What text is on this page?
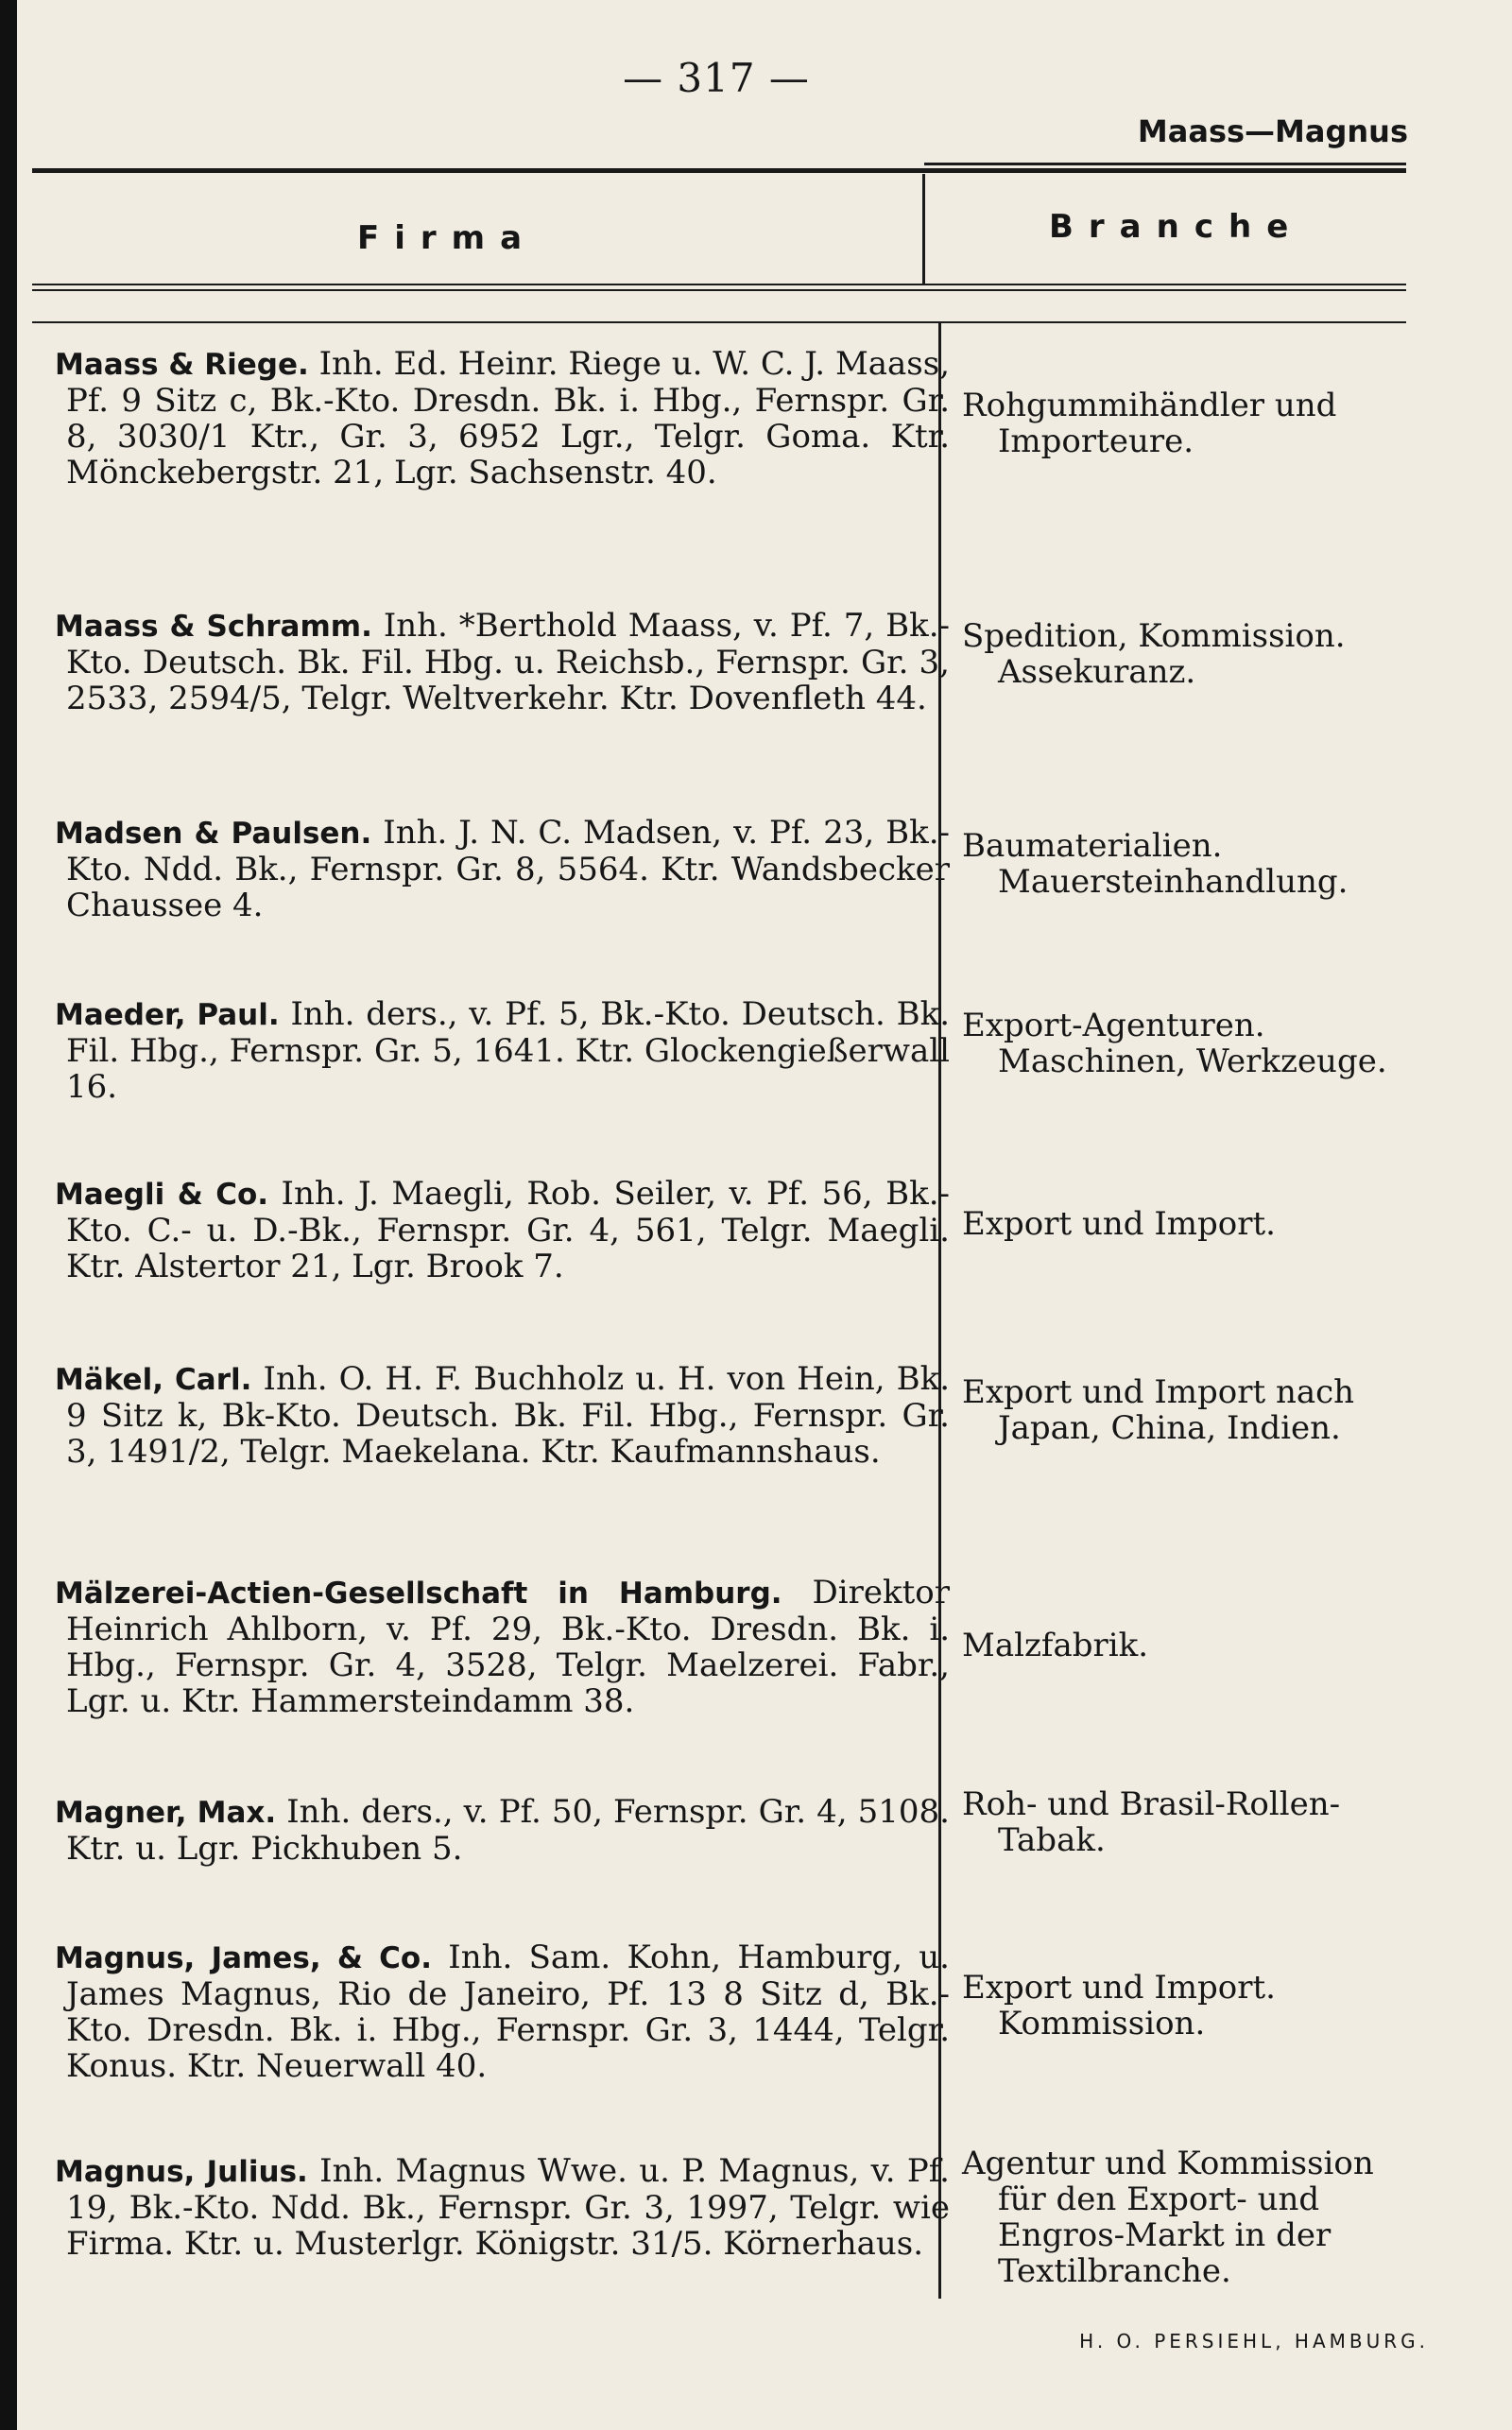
— 317 —
Maass—Magnus
Firma	Branche
Maass & Riege. Inh. Ed. Heinr. Riege u. W. C. J. Maass, Pf. 9 Sitz c, Bk.-Kto. Dresdn. Bk. i. Hbg., Fernspr. Gr. 8, 3030/1 Ktr., Gr. 3, 6952 Lgr., Telgr. Goma. Ktr. Mönckebergstr. 21, Lgr. Sachsenstr. 40.
Rohgummihändler und
Importeure.
Maass & Schramm. Inh. *Berthold Maass, v. Pf. 7, Bk.-Kto. Deutsch. Bk. Fil. Hbg. u. Reichsb., Fernspr. Gr. 3, 2533, 2594/5, Telgr. Weltverkehr. Ktr. Dovenfleth 44.
Spedition, Kommission.
Assekuranz.
Madsen & Paulsen. Inh. J. N. C. Madsen, v. Pf. 23, Bk.-Kto. Ndd. Bk., Fernspr. Gr. 8, 5564. Ktr. Wandsbecker Chaussee 4.
Baumaterialien.
Mauersteinhandlung.
Maeder, Paul. Inh. ders., v. Pf. 5, Bk.-Kto. Deutsch. Bk. Fil. Hbg., Fernspr. Gr. 5, 1641. Ktr. Glockengießerwall 16.
Export-Agenturen.
Maschinen, Werkzeuge.
Maegli & Co. Inh. J. Maegli, Rob. Seiler, v. Pf. 56, Bk.-Kto. C.- u. D.-Bk., Fernspr. Gr. 4, 561, Telgr. Maegli. Ktr. Alstertor 21, Lgr. Brook 7.
Export und Import.
Mäkel, Carl. Inh. O. H. F. Buchholz u. H. von Hein, Bk. 9 Sitz k, Bk-Kto. Deutsch. Bk. Fil. Hbg., Fernspr. Gr. 3, 1491/2, Telgr. Maekelana. Ktr. Kaufmannshaus.
Export und Import nach
Japan, China, Indien.
Mälzerei-Actien-Gesellschaft in Hamburg. Direktor Heinrich Ahlborn, v. Pf. 29, Bk.-Kto. Dresdn. Bk. i. Hbg., Fernspr. Gr. 4, 3528, Telgr. Maelzerei. Fabr., Lgr. u. Ktr. Hammersteindamm 38.
Malzfabrik.
Magner, Max. Inh. ders., v. Pf. 50, Fernspr. Gr. 4, 5108. Ktr. u. Lgr. Pickhuben 5.
Roh- und Brasil-Rollen-
Tabak.
Magnus, James, & Co. Inh. Sam. Kohn, Hamburg, u. James Magnus, Rio de Janeiro, Pf. 13 8 Sitz d, Bk.-Kto. Dresdn. Bk. i. Hbg., Fernspr. Gr. 3, 1444, Telgr. Konus. Ktr. Neuerwall 40.
Export und Import.
Kommission.
Magnus, Julius. Inh. Magnus Wwe. u. P. Magnus, v. Pf. 19, Bk.-Kto. Ndd. Bk., Fernspr. Gr. 3, 1997, Telgr. wie Firma. Ktr. u. Musterlgr. Königstr. 31/5. Körnerhaus.
Agentur und Kommission
für den Export- und
Engros-Markt in der
Textilbranche.
H. O. PERSIEHL, HAMBURG.
